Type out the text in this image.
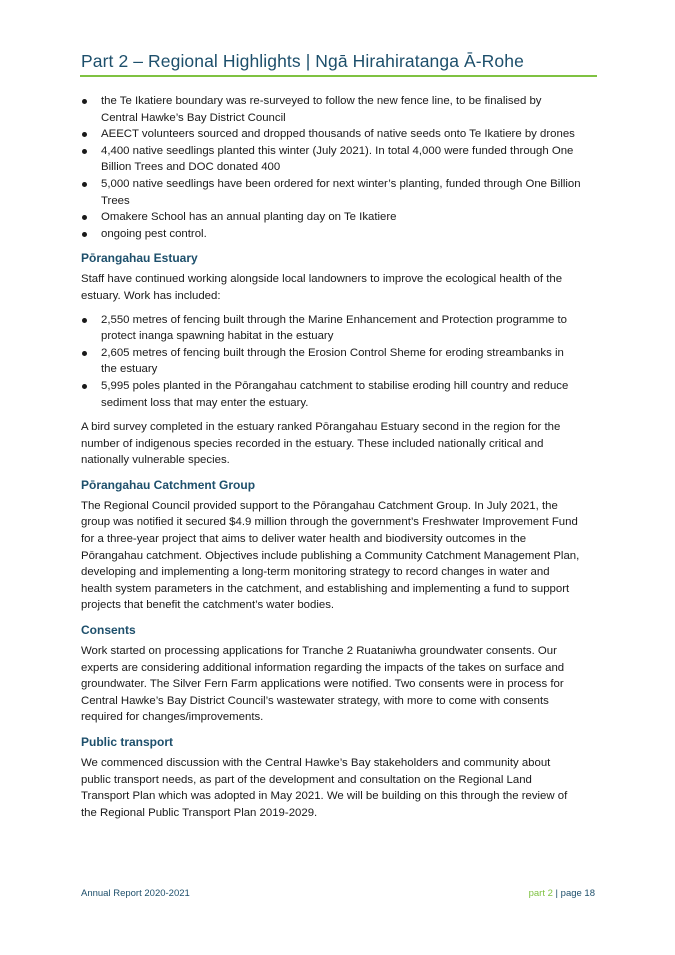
Part 2 – Regional Highlights | Ngā Hirahiratanga Ā-Rohe
the Te Ikatiere boundary was re-surveyed to follow the new fence line, to be finalised by Central Hawke’s Bay District Council
AEECT volunteers sourced and dropped thousands of native seeds onto Te Ikatiere by drones
4,400 native seedlings planted this winter (July 2021). In total 4,000 were funded through One Billion Trees and DOC donated 400
5,000 native seedlings have been ordered for next winter’s planting, funded through One Billion Trees
Omakere School has an annual planting day on Te Ikatiere
ongoing pest control.
Pōrangahau Estuary

Staff have continued working alongside local landowners to improve the ecological health of the estuary. Work has included:

2,550 metres of fencing built through the Marine Enhancement and Protection programme to protect inanga spawning habitat in the estuary
2,605 metres of fencing built through the Erosion Control Sheme for eroding streambanks in the estuary
5,995 poles planted in the Pōrangahau catchment to stabilise eroding hill country and reduce sediment loss that may enter the estuary.

A bird survey completed in the estuary ranked Pōrangahau Estuary second in the region for the number of indigenous species recorded in the estuary. These included nationally critical and nationally vulnerable species.

Pōrangahau Catchment Group

The Regional Council provided support to the Pōrangahau Catchment Group. In July 2021, the group was notified it secured $4.9 million through the government’s Freshwater Improvement Fund for a three-year project that aims to deliver water health and biodiversity outcomes in the Pōrangahau catchment. Objectives include publishing a Community Catchment Management Plan, developing and implementing a long-term monitoring strategy to record changes in water and health system parameters in the catchment, and establishing and implementing a fund to support projects that benefit the catchment’s water bodies.

Consents

Work started on processing applications for Tranche 2 Ruataniwha groundwater consents. Our experts are considering additional information regarding the impacts of the takes on surface and groundwater. The Silver Fern Farm applications were notified. Two consents were in process for Central Hawke’s Bay District Council’s wastewater strategy, with more to come with consents required for changes/improvements.

Public transport

We commenced discussion with the Central Hawke’s Bay stakeholders and community about public transport needs, as part of the development and consultation on the Regional Land Transport Plan which was adopted in May 2021. We will be building on this through the review of the Regional Public Transport Plan 2019-2029.

Annual Report 2020-2021	part 2 | page 18
